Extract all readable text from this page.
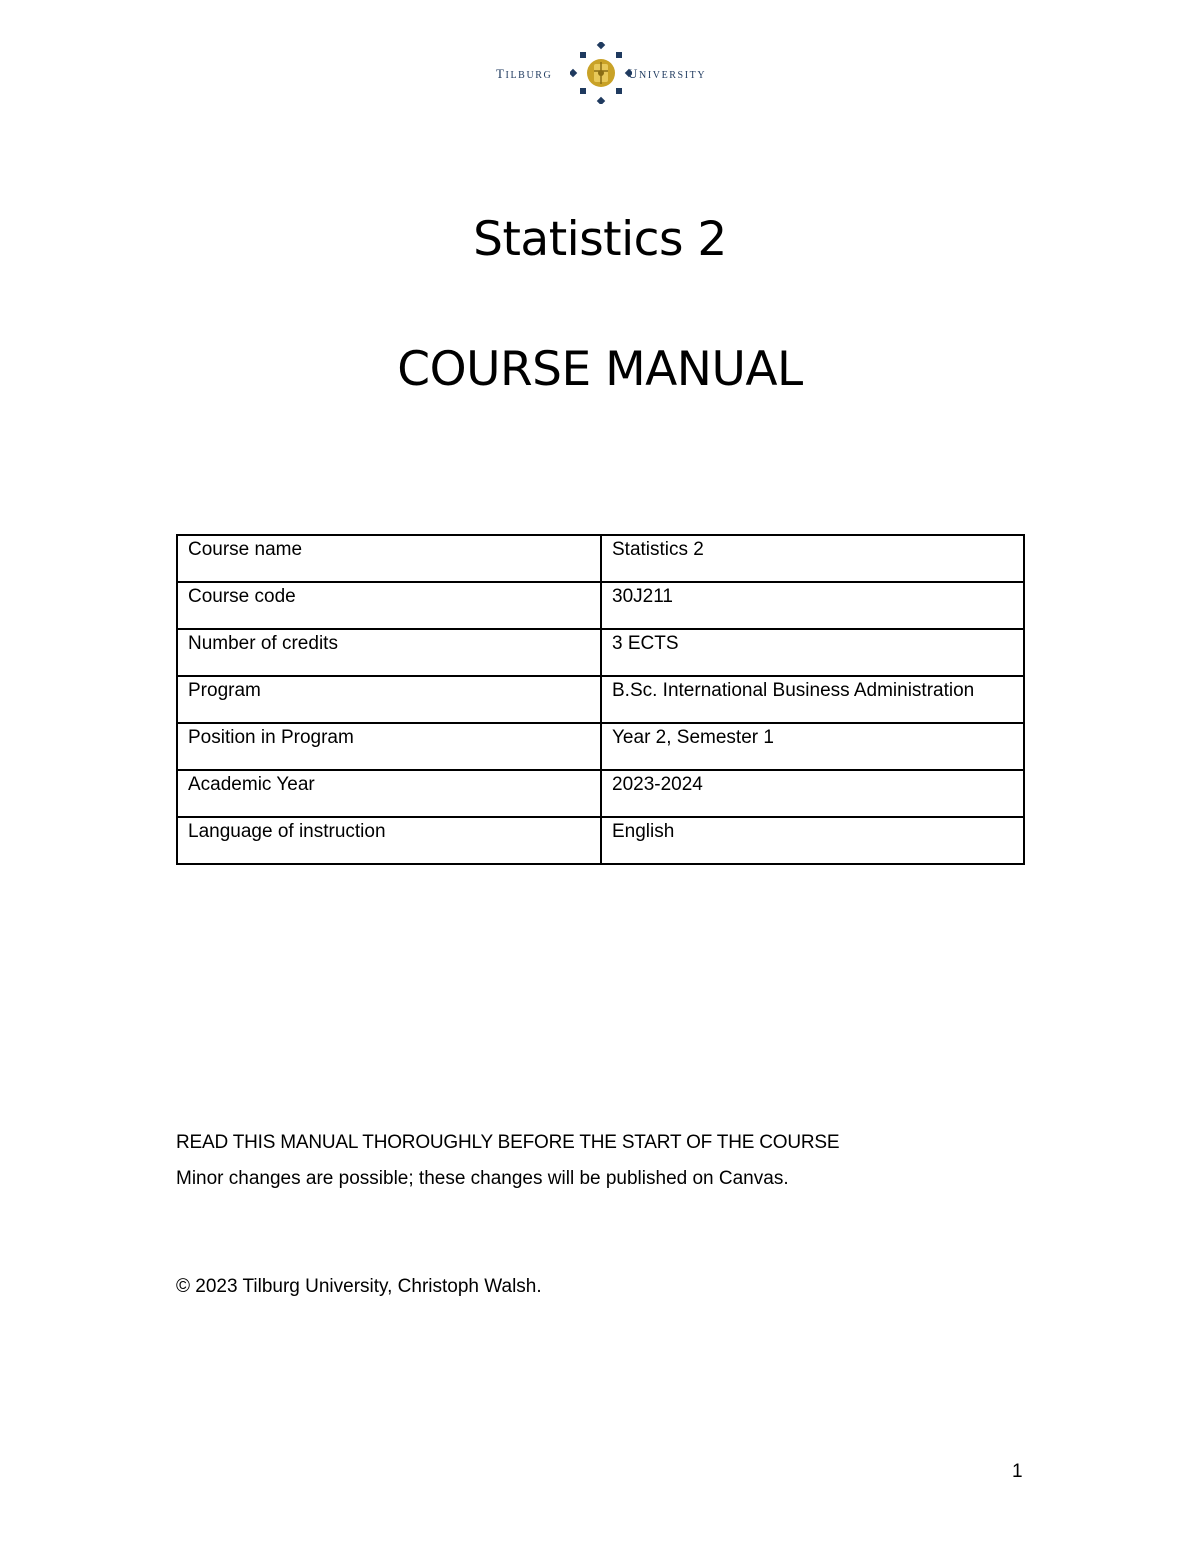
TILBURG	UNIVERSITY
Statistics 2
COURSE MANUAL
Course name	Statistics 2
Course code	30J211
Number of credits	3 ECTS
Program	B.Sc. International Business Administration
Position in Program	Year 2, Semester 1
Academic Year	2023-2024
Language of instruction	English
READ THIS MANUAL THOROUGHLY BEFORE THE START OF THE COURSE
Minor changes are possible; these changes will be published on Canvas.
© 2023 Tilburg University, Christoph Walsh.
1
